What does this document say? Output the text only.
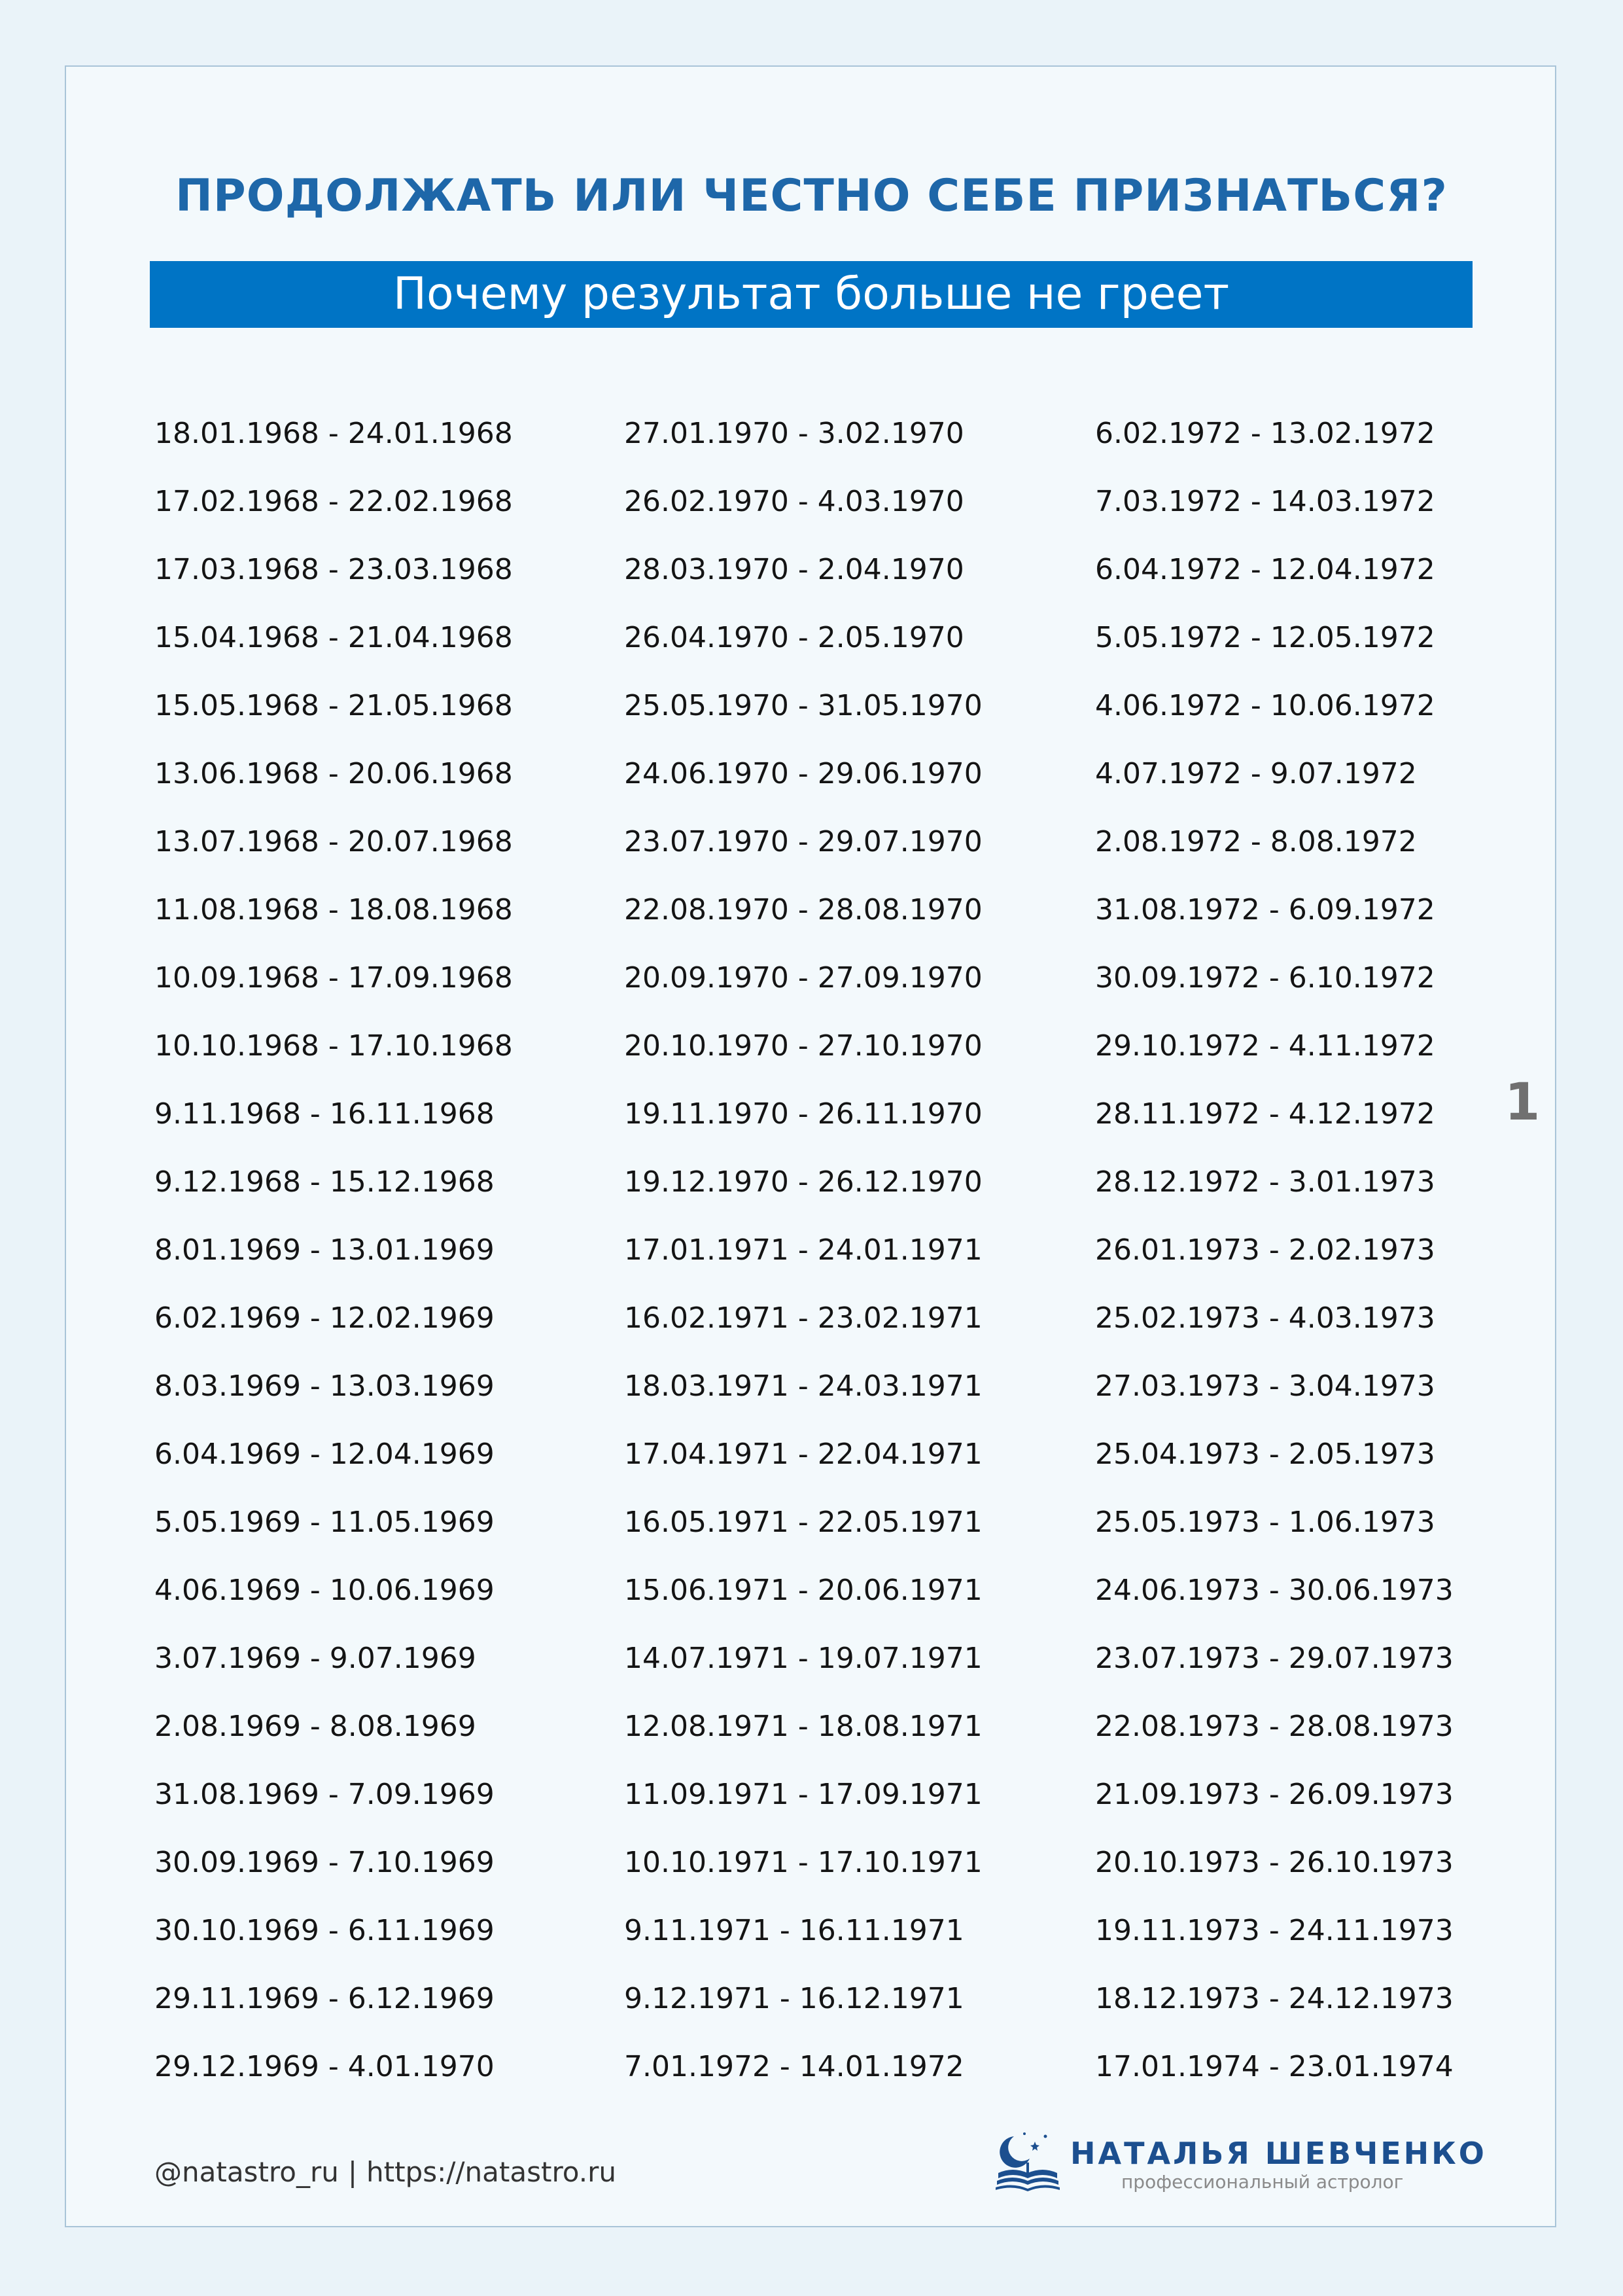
ПРОДОЛЖАТЬ ИЛИ ЧЕСТНО СЕБЕ ПРИЗНАТЬСЯ?
Почему результат больше не греет
18.01.1968 - 24.01.1968
17.02.1968 - 22.02.1968
17.03.1968 - 23.03.1968
15.04.1968 - 21.04.1968
15.05.1968 - 21.05.1968
13.06.1968 - 20.06.1968
13.07.1968 - 20.07.1968
11.08.1968 - 18.08.1968
10.09.1968 - 17.09.1968
10.10.1968 - 17.10.1968
9.11.1968 - 16.11.1968
9.12.1968 - 15.12.1968
8.01.1969 - 13.01.1969
6.02.1969 - 12.02.1969
8.03.1969 - 13.03.1969
6.04.1969 - 12.04.1969
5.05.1969 - 11.05.1969
4.06.1969 - 10.06.1969
3.07.1969 - 9.07.1969
2.08.1969 - 8.08.1969
31.08.1969 - 7.09.1969
30.09.1969 - 7.10.1969
30.10.1969 - 6.11.1969
29.11.1969 - 6.12.1969
29.12.1969 - 4.01.1970
27.01.1970 - 3.02.1970
26.02.1970 - 4.03.1970
28.03.1970 - 2.04.1970
26.04.1970 - 2.05.1970
25.05.1970 - 31.05.1970
24.06.1970 - 29.06.1970
23.07.1970 - 29.07.1970
22.08.1970 - 28.08.1970
20.09.1970 - 27.09.1970
20.10.1970 - 27.10.1970
19.11.1970 - 26.11.1970
19.12.1970 - 26.12.1970
17.01.1971 - 24.01.1971
16.02.1971 - 23.02.1971
18.03.1971 - 24.03.1971
17.04.1971 - 22.04.1971
16.05.1971 - 22.05.1971
15.06.1971 - 20.06.1971
14.07.1971 - 19.07.1971
12.08.1971 - 18.08.1971
11.09.1971 - 17.09.1971
10.10.1971 - 17.10.1971
9.11.1971 - 16.11.1971
9.12.1971 - 16.12.1971
7.01.1972 - 14.01.1972
6.02.1972 - 13.02.1972
7.03.1972 - 14.03.1972
6.04.1972 - 12.04.1972
5.05.1972 - 12.05.1972
4.06.1972 - 10.06.1972
4.07.1972 - 9.07.1972
2.08.1972 - 8.08.1972
31.08.1972 - 6.09.1972
30.09.1972 - 6.10.1972
29.10.1972 - 4.11.1972
28.11.1972 - 4.12.1972
28.12.1972 - 3.01.1973
26.01.1973 - 2.02.1973
25.02.1973 - 4.03.1973
27.03.1973 - 3.04.1973
25.04.1973 - 2.05.1973
25.05.1973 - 1.06.1973
24.06.1973 - 30.06.1973
23.07.1973 - 29.07.1973
22.08.1973 - 28.08.1973
21.09.1973 - 26.09.1973
20.10.1973 - 26.10.1973
19.11.1973 - 24.11.1973
18.12.1973 - 24.12.1973
17.01.1974 - 23.01.1974
1
@natastro_ru | https://natastro.ru
НАТАЛЬЯ ШЕВЧЕНКО
профессиональный астролог
